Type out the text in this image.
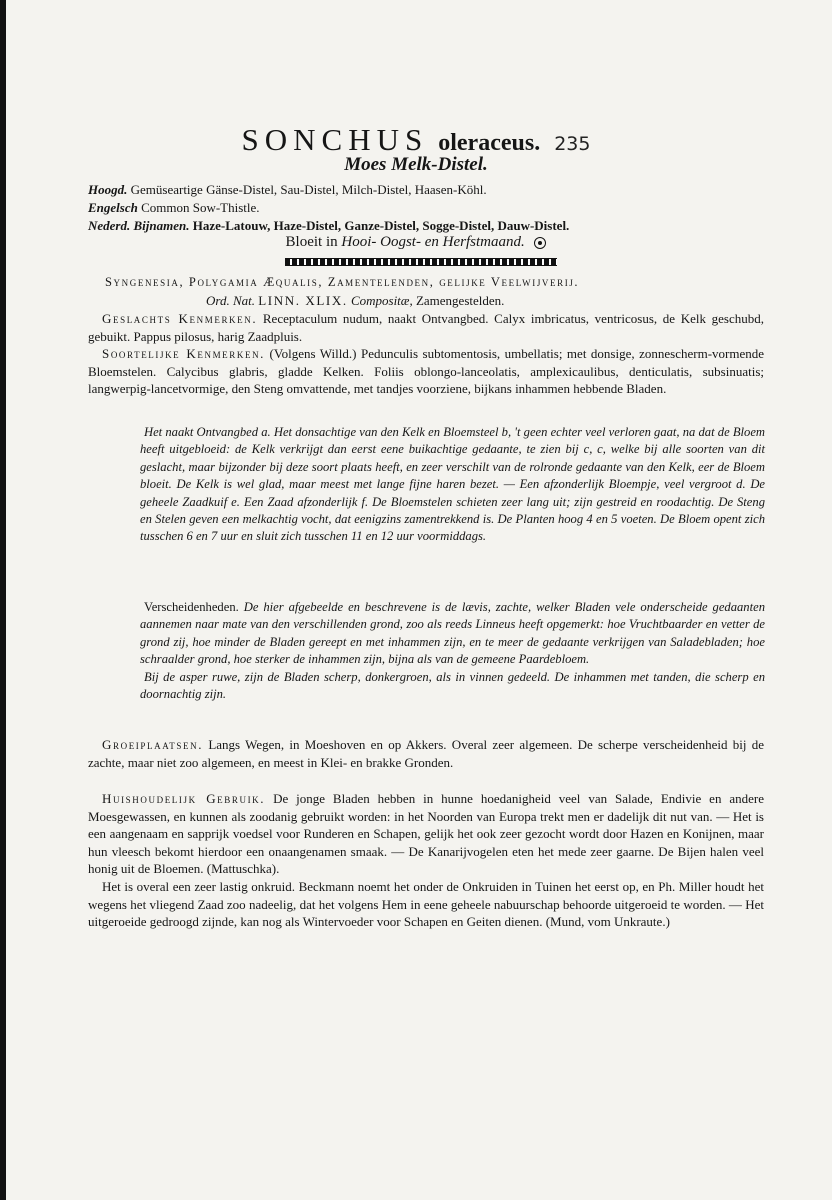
SONCHUS oleraceus. 235
Moes Melk-Distel.
Hoogd. Gemüseartige Gänse-Distel, Sau-Distel, Milch-Distel, Haasen-Köhl.
Engelsch Common Sow-Thistle.
Nederd. Bijnamen. Haze-Latouw, Haze-Distel, Ganze-Distel, Sogge-Distel, Dauw-Distel.
Bloeit in Hooi- Oogst- en Herfstmaand.
Syngenesia, Polygamia Æqualis, Zamentelenden, gelijke Veelwijverij.
Ord. Nat. LINN. XLIX. Compositæ, Zamengestelden.

Geslachts Kenmerken. Receptaculum nudum, naakt Ontvangbed. Calyx imbricatus, ventricosus, de Kelk geschubd, gebuikt. Pappus pilosus, harig Zaadpluis.

Soortelijke Kenmerken. (Volgens Willd.) Pedunculis subtomentosis, umbellatis; met donsige, zonnescherm-vormende Bloemstelen. Calycibus glabris, gladde Kelken. Foliis oblongo-lanceolatis, amplexicaulibus, denticulatis, subsinuatis; langwerpig-lancetvormige, den Steng omvattende, met tandjes voorziene, bijkans inhammen hebbende Bladen.

Het naakt Ontvangbed a. Het donsachtige van den Kelk en Bloemsteel b, 't geen echter veel verloren gaat, na dat de Bloem heeft uitgebloeid: de Kelk verkrijgt dan eerst eene buikachtige gedaante, te zien bij c, c, welke bij alle soorten van dit geslacht, maar bijzonder bij deze soort plaats heeft, en zeer verschilt van de rolronde gedaante van den Kelk, eer de Bloem bloeit. De Kelk is wel glad, maar meest met lange fijne haren bezet. — Een afzonderlijk Bloempje, veel vergroot d. De geheele Zaadkuif e. Een Zaad afzonderlijk f. De Bloemstelen schieten zeer lang uit; zijn gestreid en roodachtig. De Steng en Stelen geven een melkachtig vocht, dat eenigzins zamentrekkend is. De Planten hoog 4 en 5 voeten. De Bloem opent zich tusschen 6 en 7 uur en sluit zich tusschen 11 en 12 uur voormiddags.

Verscheidenheden. De hier afgebeelde en beschrevene is de lævis, zachte, welker Bladen vele onderscheide gedaanten aannemen naar mate van den verschillenden grond, zoo als reeds Linneus heeft opgemerkt: hoe Vruchtbaarder en vetter de grond zij, hoe minder de Bladen gereept en met inhammen zijn, en te meer de gedaante verkrijgen van Saladebladen; hoe schraalder grond, hoe sterker de inhammen zijn, bijna als van de gemeene Paardebloem.

Bij de asper ruwe, zijn de Bladen scherp, donkergroen, als in vinnen gedeeld. De inhammen met tanden, die scherp en doornachtig zijn.

Groeiplaatsen. Langs Wegen, in Moeshoven en op Akkers. Overal zeer algemeen. De scherpe verscheidenheid bij de zachte, maar niet zoo algemeen, en meest in Klei- en brakke Gronden.

Huishoudelijk Gebruik. De jonge Bladen hebben in hunne hoedanigheid veel van Salade, Endivie en andere Moesgewassen, en kunnen als zoodanig gebruikt worden: in het Noorden van Europa trekt men er dadelijk dit nut van. — Het is een aangenaam en sapprijk voedsel voor Runderen en Schapen, gelijk het ook zeer gezocht wordt door Hazen en Konijnen, maar hun vleesch bekomt hierdoor een onaangenamen smaak. — De Kanarijvogelen eten het mede zeer gaarne. De Bijen halen veel honig uit de Bloemen. (Mattuschka).

Het is overal een zeer lastig onkruid. Beckmann noemt het onder de Onkruiden in Tuinen het eerst op, en Ph. Miller houdt het wegens het vliegend Zaad zoo nadeelig, dat het volgens Hem in eene geheele nabuurschap behoorde uitgeroeid te worden. — Het uitgeroeide gedroogd zijnde, kan nog als Wintervoeder voor Schapen en Geiten dienen. (Mund, vom Unkraute.)
